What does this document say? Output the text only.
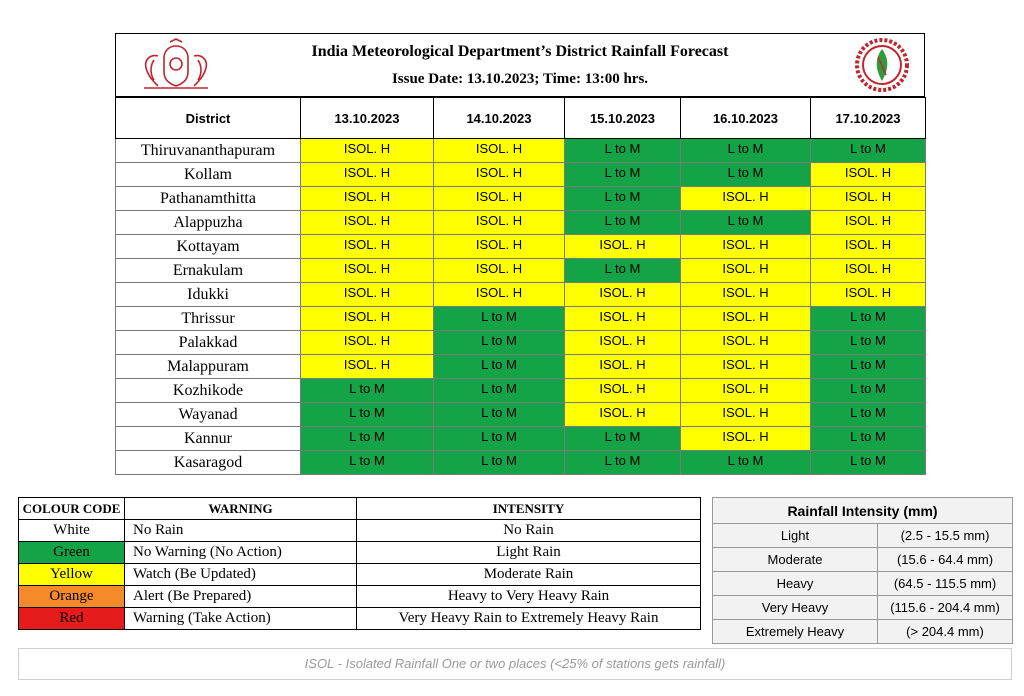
India Meteorological Department’s District Rainfall Forecast
Issue Date: 13.10.2023; Time: 13:00 hrs.
District	13.10.2023	14.10.2023	15.10.2023	16.10.2023	17.10.2023
Thiruvananthapuram	ISOL. H	ISOL. H	L to M	L to M	L to M
Kollam	ISOL. H	ISOL. H	L to M	L to M	ISOL. H
Pathanamthitta	ISOL. H	ISOL. H	L to M	ISOL. H	ISOL. H
Alappuzha	ISOL. H	ISOL. H	L to M	L to M	ISOL. H
Kottayam	ISOL. H	ISOL. H	ISOL. H	ISOL. H	ISOL. H
Ernakulam	ISOL. H	ISOL. H	L to M	ISOL. H	ISOL. H
Idukki	ISOL. H	ISOL. H	ISOL. H	ISOL. H	ISOL. H
Thrissur	ISOL. H	L to M	ISOL. H	ISOL. H	L to M
Palakkad	ISOL. H	L to M	ISOL. H	ISOL. H	L to M
Malappuram	ISOL. H	L to M	ISOL. H	ISOL. H	L to M
Kozhikode	L to M	L to M	ISOL. H	ISOL. H	L to M
Wayanad	L to M	L to M	ISOL. H	ISOL. H	L to M
Kannur	L to M	L to M	L to M	ISOL. H	L to M
Kasaragod	L to M	L to M	L to M	L to M	L to M
COLOUR CODE	WARNING	INTENSITY
White	No Rain	No Rain
Green	No Warning (No Action)	Light Rain
Yellow	Watch (Be Updated)	Moderate Rain
Orange	Alert (Be Prepared)	Heavy to Very Heavy Rain
Red	Warning (Take Action)	Very Heavy Rain to Extremely Heavy Rain
Rainfall Intensity (mm)	
Light	(2.5 - 15.5 mm)
Moderate	(15.6 - 64.4 mm)
Heavy	(64.5 - 115.5 mm)
Very Heavy	(115.6 - 204.4 mm)
Extremely Heavy	(> 204.4 mm)
ISOL - Isolated Rainfall One or two places (<25% of stations gets rainfall)
